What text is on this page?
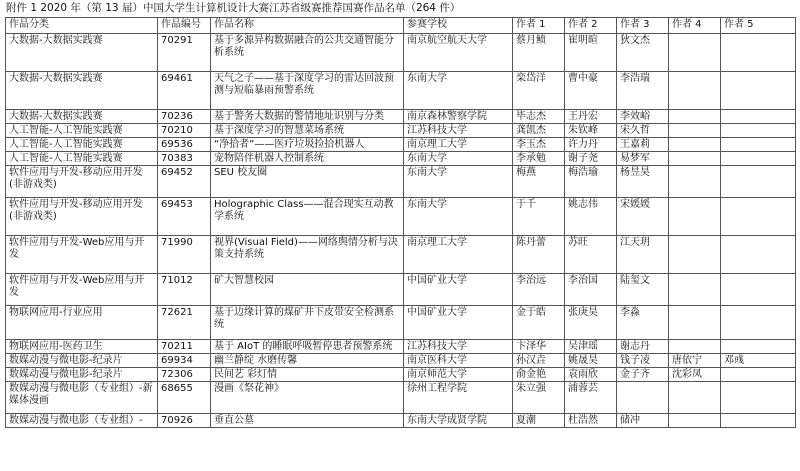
附件 1 2020 年（第 13 届）中国大学生计算机设计大赛江苏省级赛推荐国赛作品名单（264 件）
作品分类	作品编号	作品名称	参赛学校	作者 1	作者 2	作者 3	作者 4	作者 5
大数据-大数据实践赛	70291	基于多源异构数据融合的公共交通智能分析系统	南京航空航天大学	蔡月鲼	崔明暄	狄文杰		
大数据-大数据实践赛	69461	天气之子——基于深度学习的雷达回波预测与短临暴雨预警系统	东南大学	栾岱洋	曹中豪	李浩瑞		
大数据-大数据实践赛	70236	基于警务大数据的警情地址识别与分类	南京森林警察学院	毕志杰	王丹宏	李效峪		
人工智能-人工智能实践赛	70210	基于深度学习的智慧菜场系统	江苏科技大学	龚凯杰	朱钦峰	宋久哲		
人工智能-人工智能实践赛	69536	“净拾者”——医疗垃圾捡拾机器人	南京理工大学	李玉杰	许力丹	王嘉莉		
人工智能-人工智能实践赛	70383	宠物陪伴机器人控制系统	东南大学	李承勉	谢子尧	易梦军		
软件应用与开发-移动应用开发(非游戏类)	69452	SEU 校友圈	东南大学	梅燕	梅浩瑜	杨昱昊		
软件应用与开发-移动应用开发(非游戏类)	69453	Holographic Class——混合现实互动教学系统	东南大学	于千	姚志伟	宋媛媛		
软件应用与开发-Web应用与开发	71990	视界(Visual Field)——网络舆情分析与决策支持系统	南京理工大学	陈丹蕾	苏旺	江天玥		
软件应用与开发-Web应用与开发	71012	矿大智慧校园	中国矿业大学	李治远	李治国	陆玺文		
物联网应用-行业应用	72621	基于边缘计算的煤矿井下皮带安全检测系统	中国矿业大学	金于皓	张庚昊	李淼		
物联网应用-医药卫生	70211	基于 AIoT 的睡眠呼吸暂停患者预警系统	江苏科技大学	卞泽华	吴津瑶	谢志丹		
数媒动漫与微电影-纪录片	69934	幽兰静绽 水磨传馨	南京医科大学	孙汉垚	姚晟昊	钱子凌	唐依宁	邓彧
数媒动漫与微电影-纪录片	72306	民间艺 彩灯情	南京师范大学	俞金艳	袁雨欣	金子齐	沈彩凤	
数媒动漫与微电影（专业组）-新媒体漫画	68655	漫画《祭花神》	徐州工程学院	朱立强	浦蓉芸			
数媒动漫与微电影（专业组）-	70926	垂直公墓	东南大学成贤学院	夏潮	杜浩然	储冲		
